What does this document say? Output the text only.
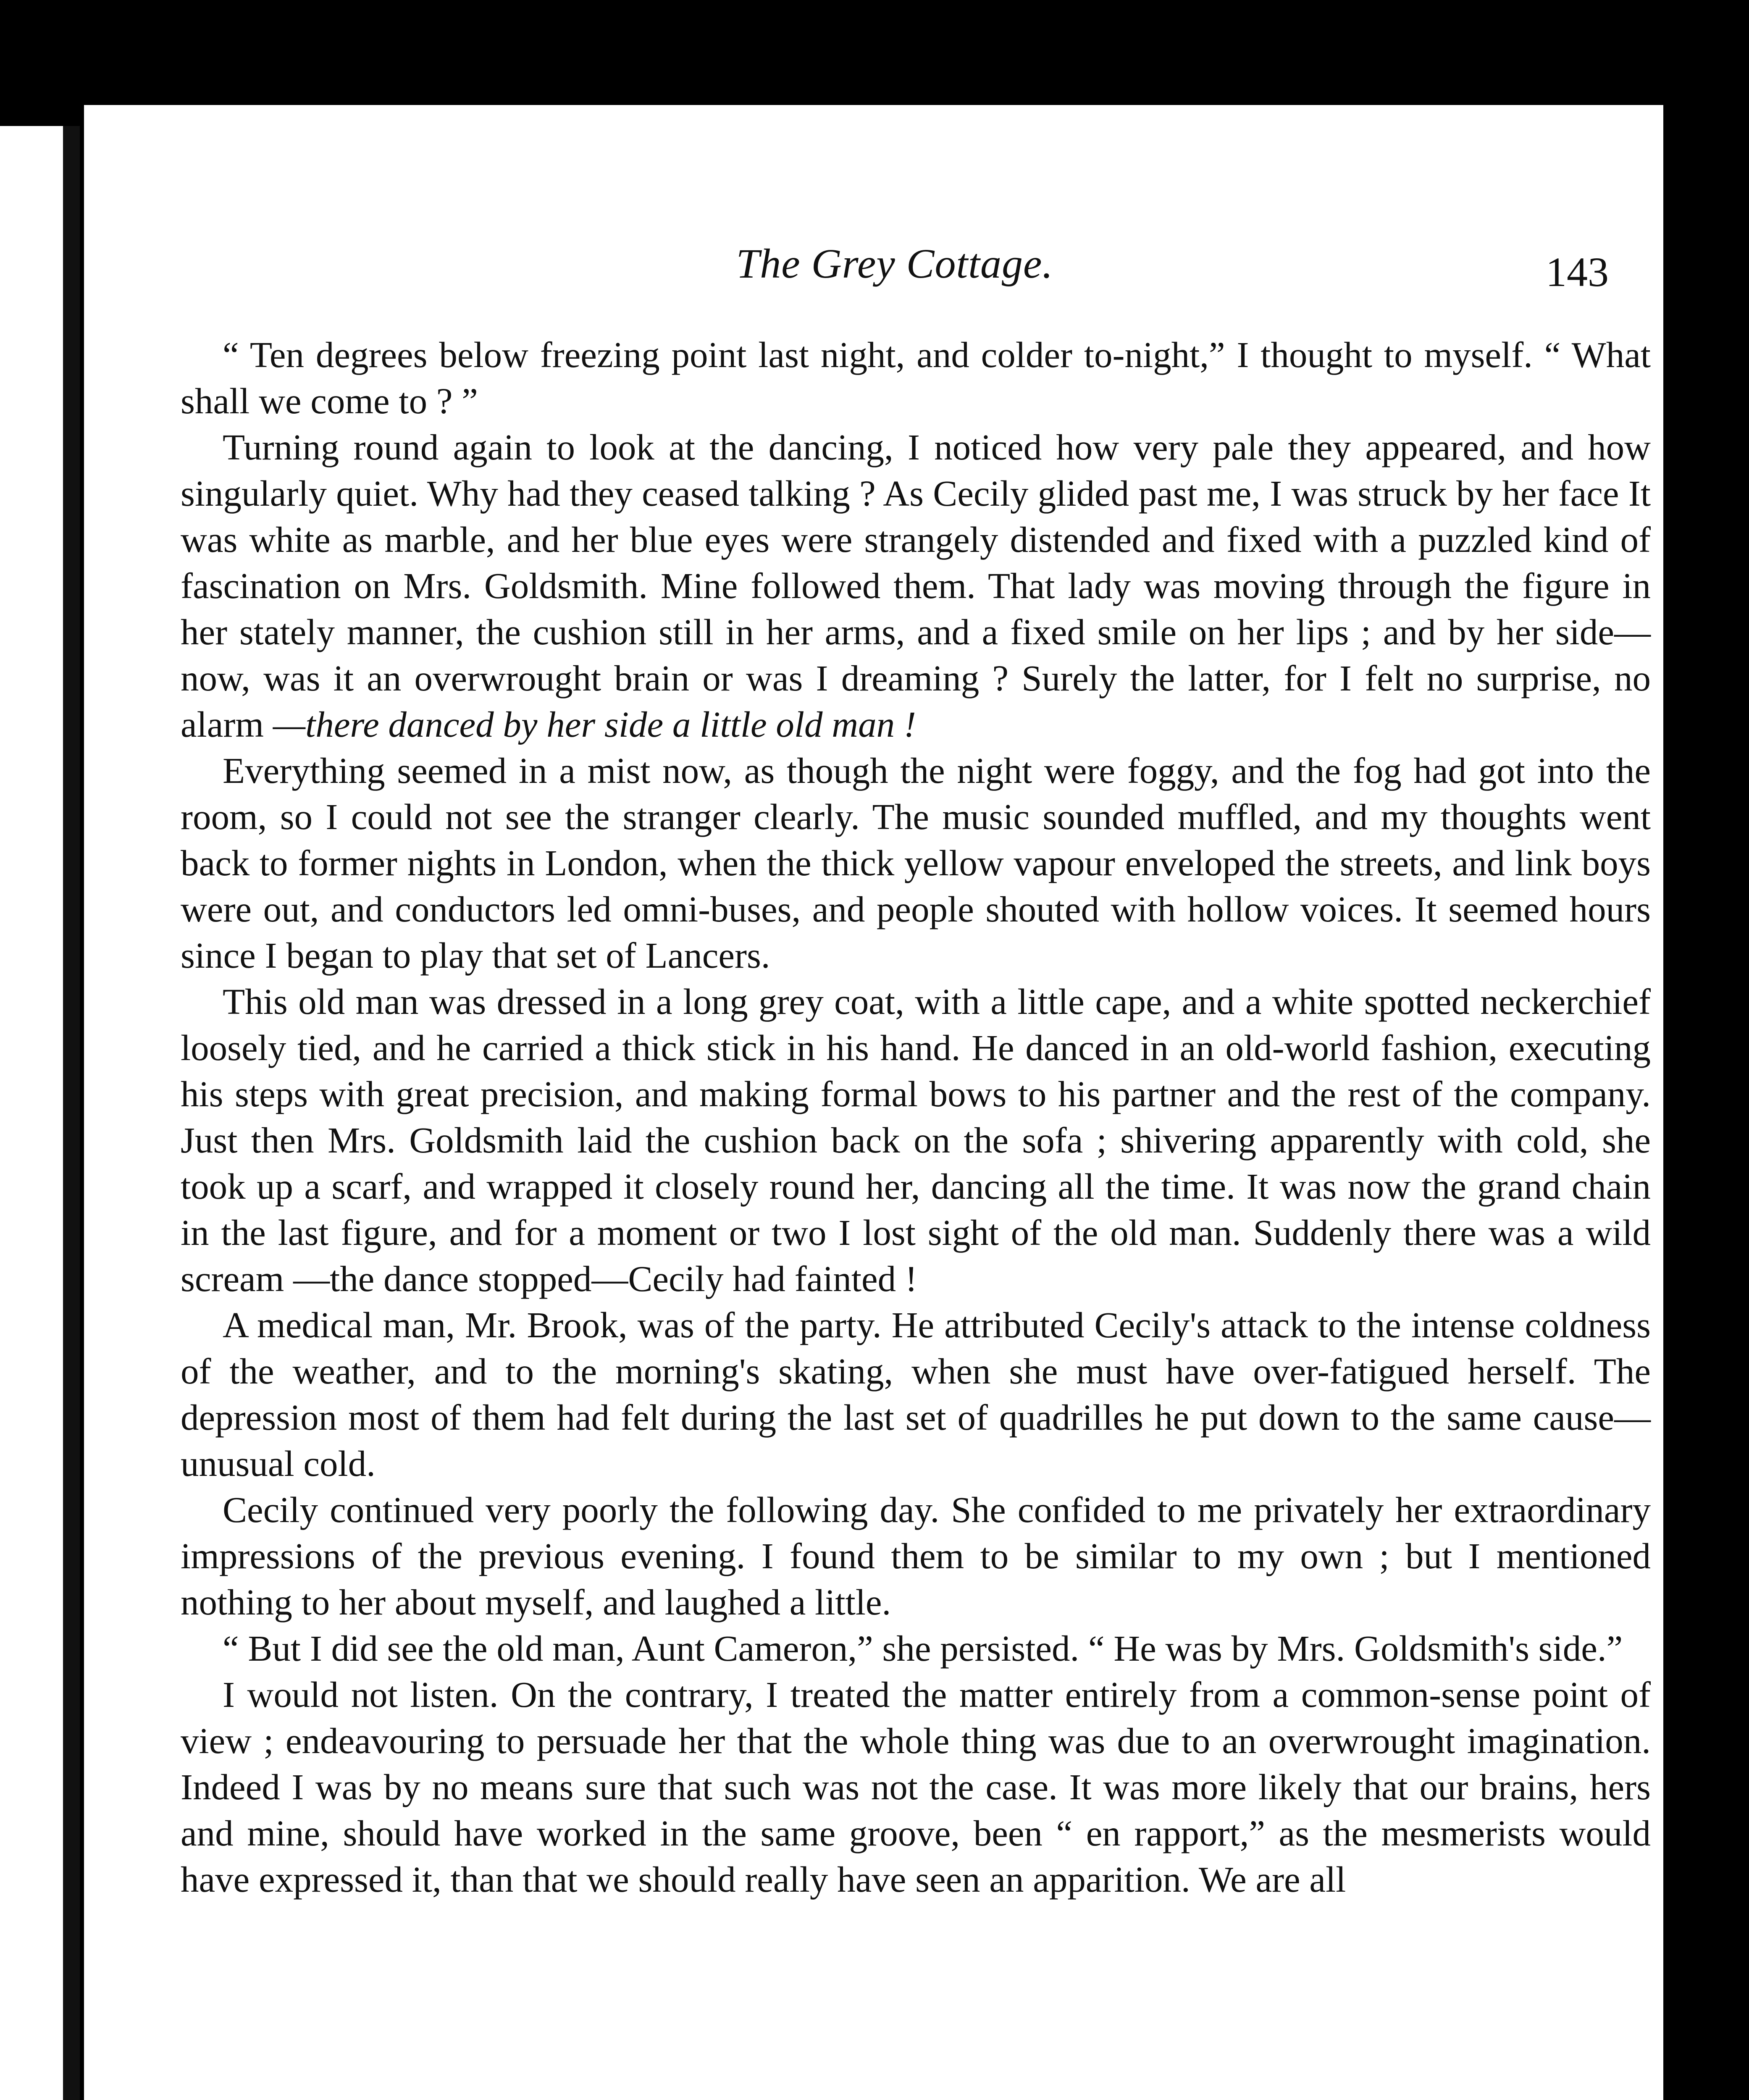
The Grey Cottage.	143

“ Ten degrees below freezing point last night, and colder to-night,” I thought to myself. “ What shall we come to ? ”

Turning round again to look at the dancing, I noticed how very pale they appeared, and how singularly quiet. Why had they ceased talking ? As Cecily glided past me, I was struck by her face It was white as marble, and her blue eyes were strangely distended and fixed with a puzzled kind of fascination on Mrs. Goldsmith. Mine followed them. That lady was moving through the figure in her stately manner, the cushion still in her arms, and a fixed smile on her lips ; and by her side—now, was it an overwrought brain or was I dreaming ? Surely the latter, for I felt no surprise, no alarm —there danced by her side a little old man !

Everything seemed in a mist now, as though the night were foggy, and the fog had got into the room, so I could not see the stranger clearly. The music sounded muffled, and my thoughts went back to former nights in London, when the thick yellow vapour enveloped the streets, and link boys were out, and conductors led omni-buses, and people shouted with hollow voices. It seemed hours since I began to play that set of Lancers.

This old man was dressed in a long grey coat, with a little cape, and a white spotted neckerchief loosely tied, and he carried a thick stick in his hand. He danced in an old-world fashion, executing his steps with great precision, and making formal bows to his partner and the rest of the company. Just then Mrs. Goldsmith laid the cushion back on the sofa ; shivering apparently with cold, she took up a scarf, and wrapped it closely round her, dancing all the time. It was now the grand chain in the last figure, and for a moment or two I lost sight of the old man. Suddenly there was a wild scream —the dance stopped—Cecily had fainted !

A medical man, Mr. Brook, was of the party. He attributed Cecily's attack to the intense coldness of the weather, and to the morning's skating, when she must have over-fatigued herself. The depression most of them had felt during the last set of quadrilles he put down to the same cause—unusual cold.

Cecily continued very poorly the following day. She confided to me privately her extraordinary impressions of the previous evening. I found them to be similar to my own ; but I mentioned nothing to her about myself, and laughed a little.

“ But I did see the old man, Aunt Cameron,” she persisted. “ He was by Mrs. Goldsmith's side.”

I would not listen. On the contrary, I treated the matter entirely from a common-sense point of view ; endeavouring to persuade her that the whole thing was due to an overwrought imagination. Indeed I was by no means sure that such was not the case. It was more likely that our brains, hers and mine, should have worked in the same groove, been “ en rapport,” as the mesmerists would have expressed it, than that we should really have seen an apparition. We are all
